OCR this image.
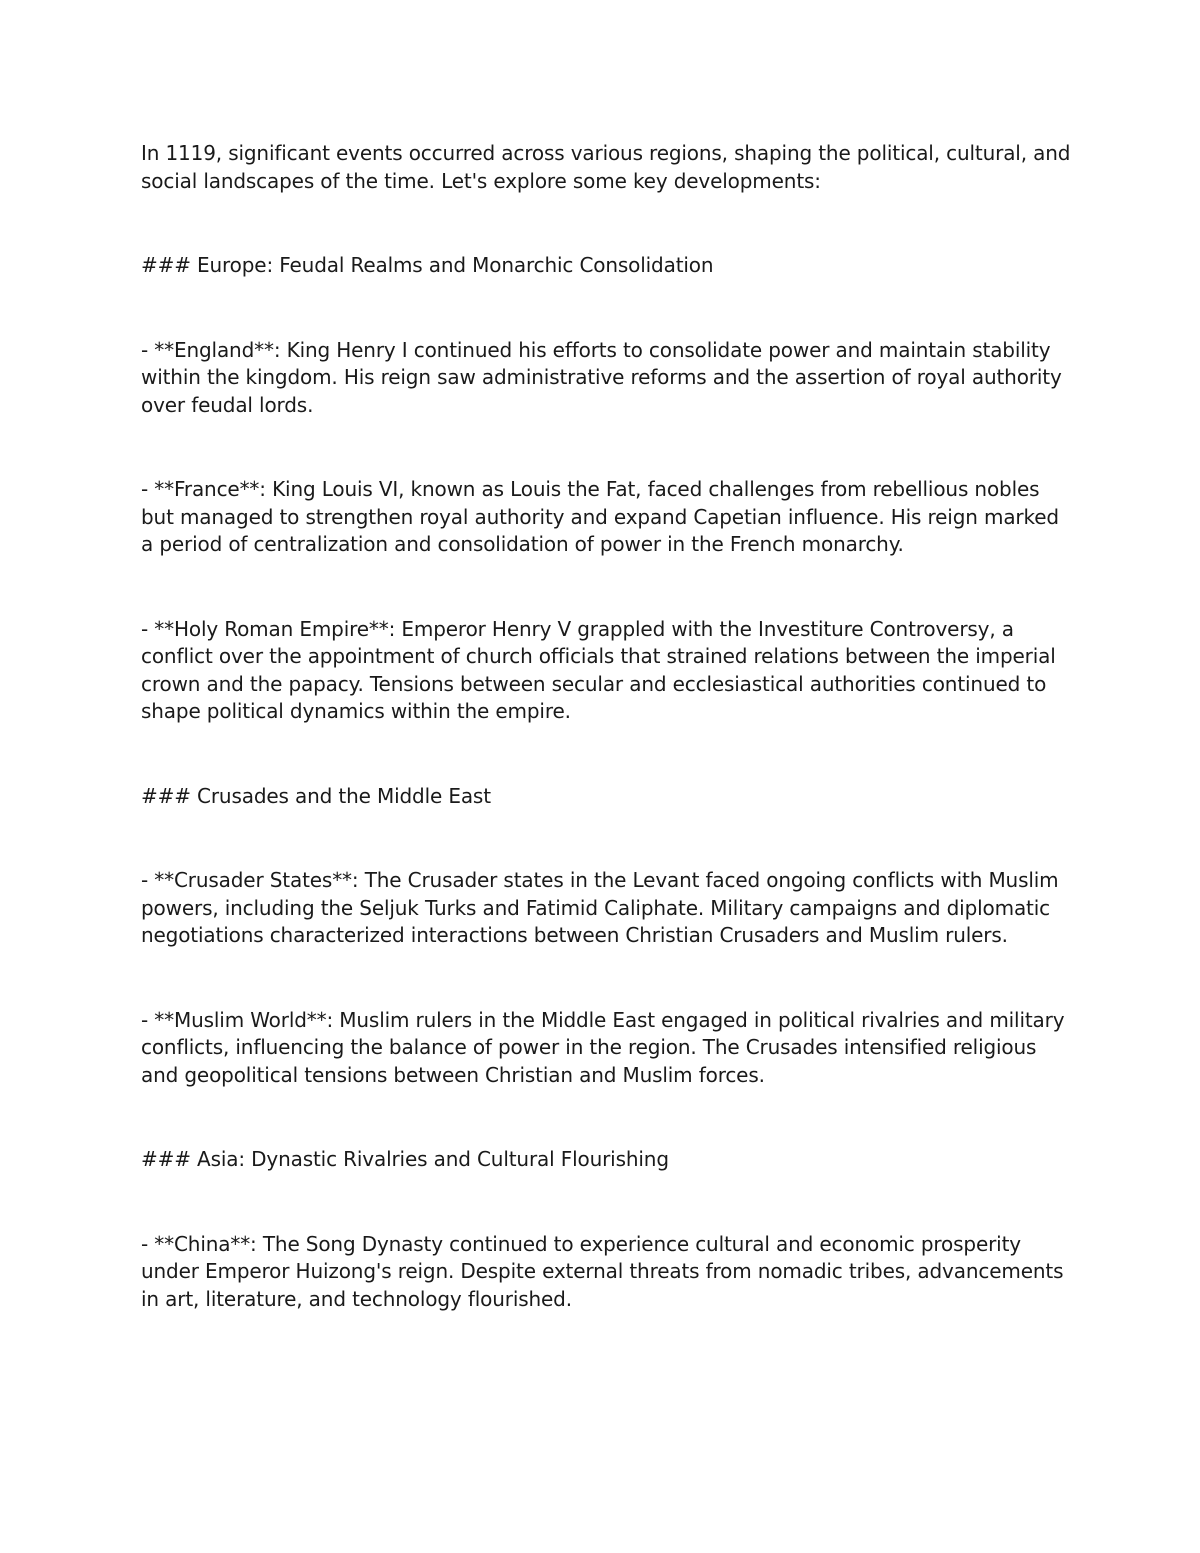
In 1119, significant events occurred across various regions, shaping the political, cultural, and social landscapes of the time. Let's explore some key developments:

### Europe: Feudal Realms and Monarchic Consolidation

- **England**: King Henry I continued his efforts to consolidate power and maintain stability within the kingdom. His reign saw administrative reforms and the assertion of royal authority over feudal lords.

- **France**: King Louis VI, known as Louis the Fat, faced challenges from rebellious nobles but managed to strengthen royal authority and expand Capetian influence. His reign marked a period of centralization and consolidation of power in the French monarchy.

- **Holy Roman Empire**: Emperor Henry V grappled with the Investiture Controversy, a conflict over the appointment of church officials that strained relations between the imperial crown and the papacy. Tensions between secular and ecclesiastical authorities continued to shape political dynamics within the empire.

### Crusades and the Middle East

- **Crusader States**: The Crusader states in the Levant faced ongoing conflicts with Muslim powers, including the Seljuk Turks and Fatimid Caliphate. Military campaigns and diplomatic negotiations characterized interactions between Christian Crusaders and Muslim rulers.

- **Muslim World**: Muslim rulers in the Middle East engaged in political rivalries and military conflicts, influencing the balance of power in the region. The Crusades intensified religious and geopolitical tensions between Christian and Muslim forces.

### Asia: Dynastic Rivalries and Cultural Flourishing

- **China**: The Song Dynasty continued to experience cultural and economic prosperity under Emperor Huizong's reign. Despite external threats from nomadic tribes, advancements in art, literature, and technology flourished.
